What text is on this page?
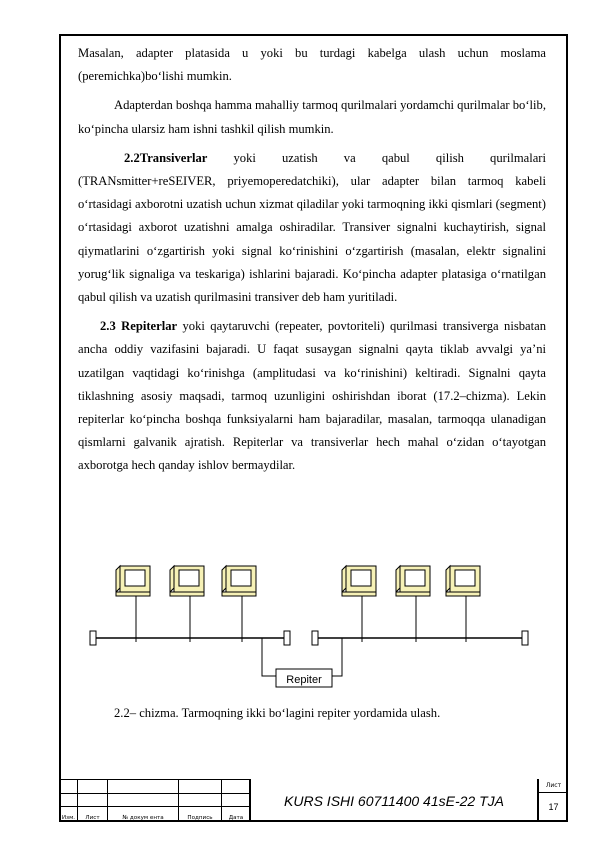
Masalan, adapter platasida u yoki bu turdagi kabelga ulash uchun moslama (peremichka)bo‘lishi mumkin.

Adapterdan boshqa hamma mahalliy tarmoq qurilmalari yordamchi qurilmalar bo‘lib, ko‘pincha ularsiz ham ishni tashkil qilish mumkin.

2.2Transiverlar yoki uzatish va qabul qilish qurilmalari (TRANsmitter+reSEIVER, priyemoperedatchiki), ular adapter bilan tarmoq kabeli o‘rtasidagi axborotni uzatish uchun xizmat qiladilar yoki tarmoqning ikki qismlari (segment) o‘rtasidagi axborot uzatishni amalga oshiradilar. Transiver signalni kuchaytirish, signal qiymatlarini o‘zgartirish yoki signal ko‘rinishini o‘zgartirish (masalan, elektr signalini yorug‘lik signaliga va teskariga) ishlarini bajaradi. Ko‘pincha adapter platasiga o‘rnatilgan qabul qilish va uzatish qurilmasini transiver deb ham yuritiladi.

2.3 Repiterlar yoki qaytaruvchi (repeater, povtoriteli) qurilmasi transiverga nisbatan ancha oddiy vazifasini bajaradi. U faqat susaygan signalni qayta tiklab avvalgi ya’ni uzatilgan vaqtidagi ko‘rinishga (amplitudasi va ko‘rinishini) keltiradi. Signalni qayta tiklashning asosiy maqsadi, tarmoq uzunligini oshirishdan iborat (17.2–chizma). Lekin repiterlar ko‘pincha boshqa funksiyalarni ham bajaradilar, masalan, tarmoqqa ulanadigan qismlarni galvanik ajratish. Repiterlar va transiverlar hech mahal o‘zidan o‘tayotgan axborotga hech qanday ishlov bermaydilar.

Repiter
2.2– chizma. Tarmoqning ikki bo‘lagini repiter yordamida ulash.

Изм.	Лист	№ докум ента	Подпись	Дата
KURS ISHI 60711400 41sE-22 TJA
Лист
17
